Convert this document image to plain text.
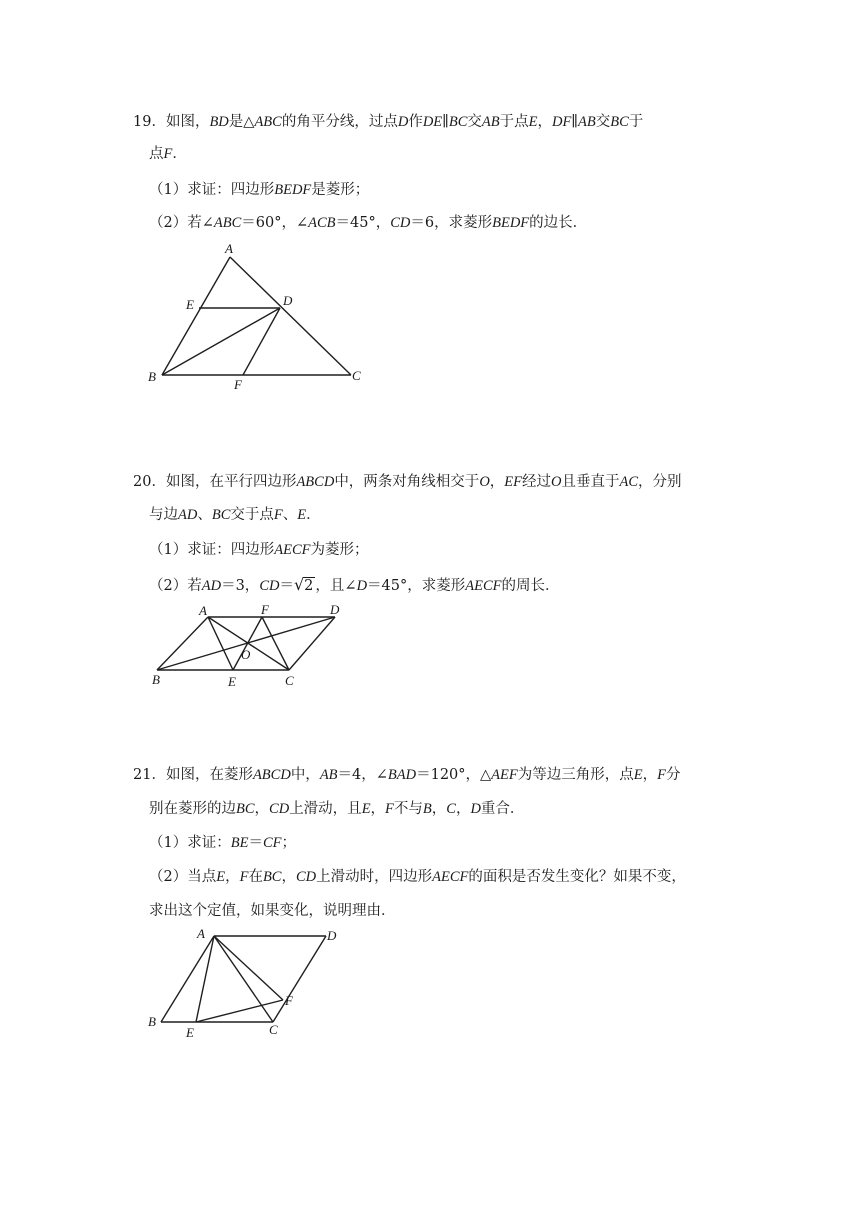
19．如图，BD是△ABC的角平分线，过点D作DE∥BC交AB于点E，DF∥AB交BC于
点F．
（1）求证：四边形BEDF是菱形；
（2）若∠ABC＝60°，∠ACB＝45°，CD＝6，求菱形BEDF的边长．
A
E	D
B
F
C
20．如图，在平行四边形ABCD中，两条对角线相交于O，EF经过O且垂直于AC，分别
与边AD、BC交于点F、E．
（1）求证：四边形AECF为菱形；
（2）若AD＝3，CD＝√2 ，且∠D＝45°，求菱形AECF的周长．
A	F	D
O
B	E	C
21．如图，在菱形ABCD中，AB＝4，∠BAD＝120°，△AEF为等边三角形，点E，F分
别在菱形的边BC，CD上滑动，且E，F不与B，C，D重合．
（1）求证：BE＝CF；
（2）当点E，F在BC，CD上滑动时，四边形AECF的面积是否发生变化？如果不变，
求出这个定值，如果变化，说明理由．
A	D
F
B
E	C
